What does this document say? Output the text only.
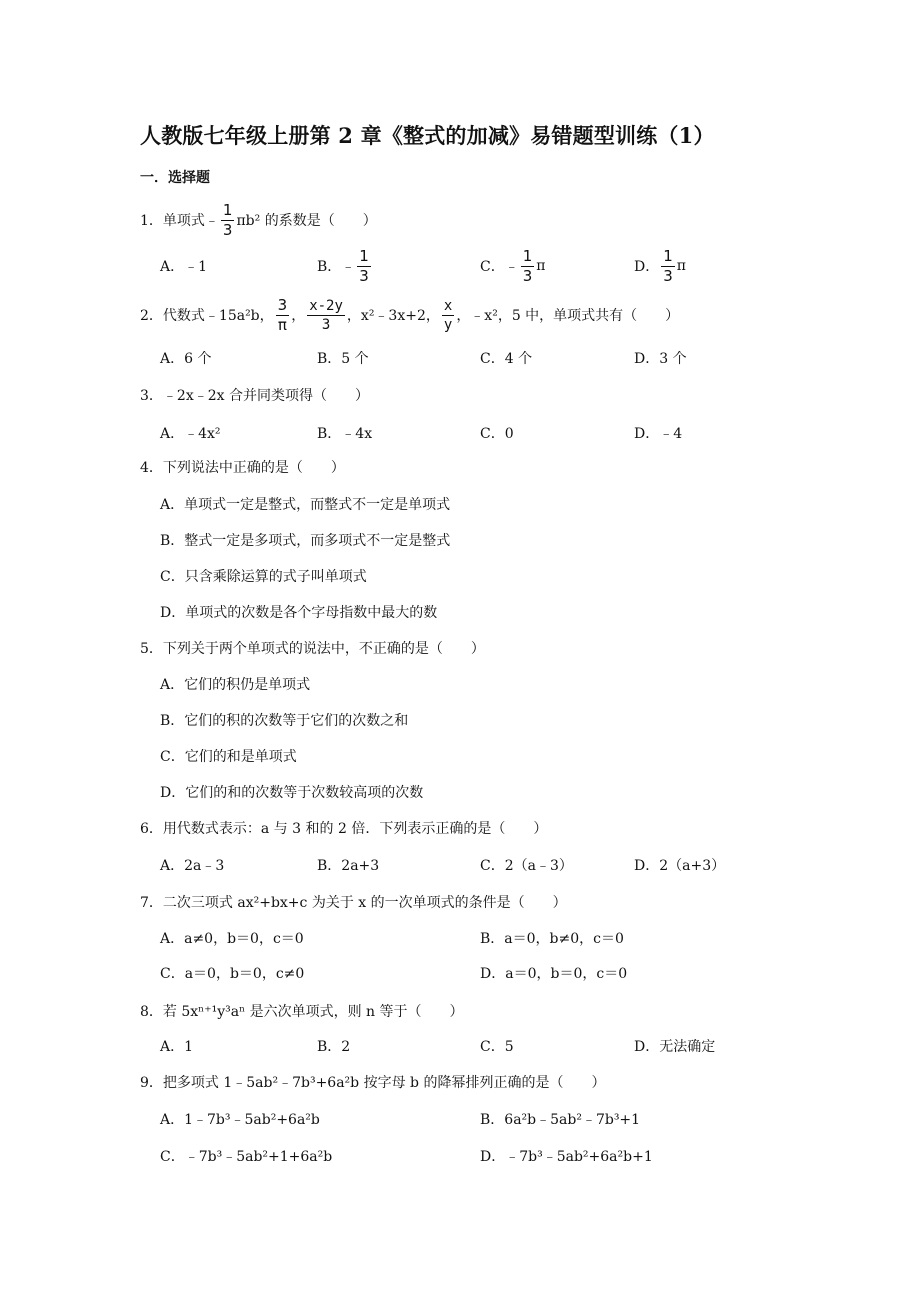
人教版七年级上册第 2 章《整式的加减》易错题型训练（1）
一．选择题
1．单项式﹣ $\frac{1}{3} \pi b^2$ 的系数是（　　）
A．﹣1	B．﹣ $\frac{1}{3}$	C．﹣ $\frac{1}{3}$ π	D． $\frac{1}{3}$ π
2．代数式﹣15a²b， $\frac{3}{\pi}$ ， $\frac{x-2y}{3}$ ，x²﹣3x+2， $\frac{x}{y}$ ，﹣x²，5 中，单项式共有（　　）
A．6 个	B．5 个	C．4 个	D．3 个
3．﹣2x﹣2x 合并同类项得（　　）
A．﹣4x²	B．﹣4x	C．0	D．﹣4
4．下列说法中正确的是（　　）
A．单项式一定是整式，而整式不一定是单项式
B．整式一定是多项式，而多项式不一定是整式
C．只含乘除运算的式子叫单项式
D．单项式的次数是各个字母指数中最大的数
5．下列关于两个单项式的说法中，不正确的是（　　）
A．它们的积仍是单项式
B．它们的积的次数等于它们的次数之和
C．它们的和是单项式
D．它们的和的次数等于次数较高项的次数
6．用代数式表示：a 与 3 和的 2 倍．下列表示正确的是（　　）
A．2a﹣3	B．2a+3	C．2（a﹣3）	D．2（a+3）
7．二次三项式 ax²+bx+c 为关于 x 的一次单项式的条件是（　　）
A．a≠0，b＝0，c＝0	B．a＝0，b≠0，c＝0
C．a＝0，b＝0，c≠0	D．a＝0，b＝0，c＝0
8．若 5xⁿ⁺¹y³aⁿ 是六次单项式，则 n 等于（　　）
A．1	B．2	C．5	D．无法确定
9．把多项式 1﹣5ab²﹣7b³+6a²b 按字母 b 的降幂排列正确的是（　　）
A．1﹣7b³﹣5ab²+6a²b	B．6a²b﹣5ab²﹣7b³+1
C．﹣7b³﹣5ab²+1+6a²b	D．﹣7b³﹣5ab²+6a²b+1
